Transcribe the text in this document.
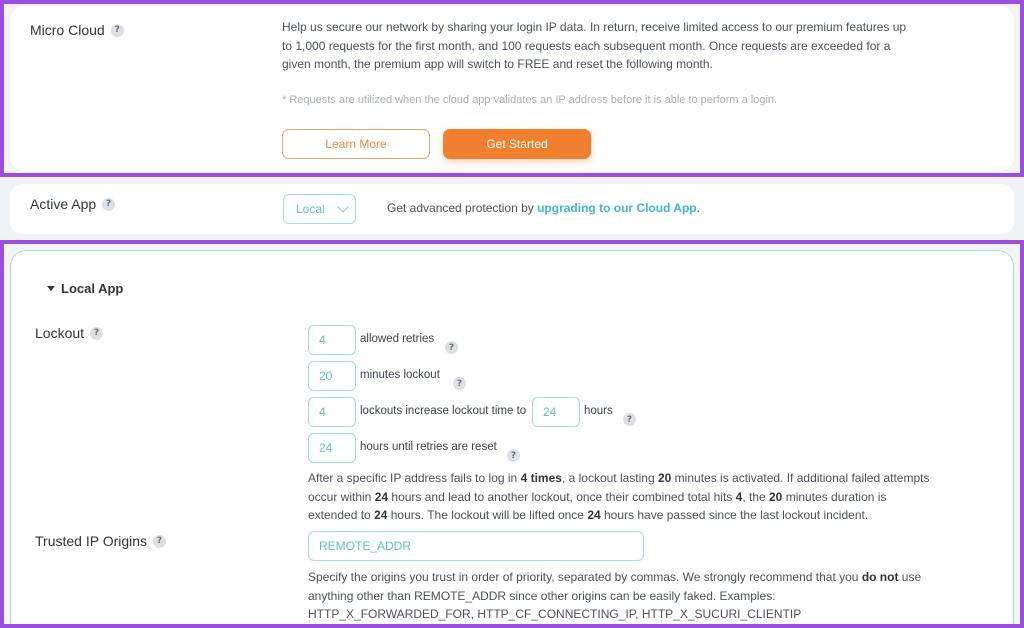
Micro Cloud	?	Help us secure our network by sharing your login IP data. In return, receive limited access to our premium features up to 1,000 requests for the first month, and 100 requests each subsequent month. Once requests are exceeded for a given month, the premium app will switch to FREE and reset the following month.
* Requests are utilized when the cloud app validates an IP address before it is able to perform a login.
Learn More	Get Started
Active App	?	Local	Get advanced protection by upgrading to our Cloud App.
Local App
Lockout	?	4	allowed retries
?
20	minutes lockout
?
4	lockouts increase lockout time to	24	hours
?
24	hours until retries are reset
?
After a specific IP address fails to log in 4 times, a lockout lasting 20 minutes is activated. If additional failed attempts occur within 24 hours and lead to another lockout, once their combined total hits 4, the 20 minutes duration is extended to 24 hours. The lockout will be lifted once 24 hours have passed since the last lockout incident.
Trusted IP Origins	?	REMOTE_ADDR
Specify the origins you trust in order of priority, separated by commas. We strongly recommend that you do not use anything other than REMOTE_ADDR since other origins can be easily faked. Examples: HTTP_X_FORWARDED_FOR, HTTP_CF_CONNECTING_IP, HTTP_X_SUCURI_CLIENTIP
